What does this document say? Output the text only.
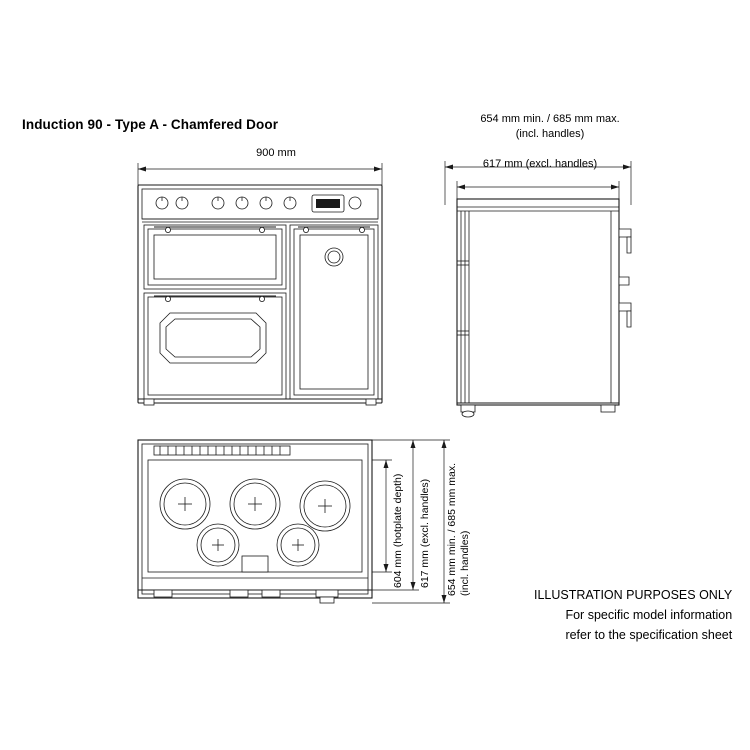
Induction 90 - Type A - Chamfered Door
900 mm
654 mm min. / 685 mm max.
(incl. handles)
617 mm (excl. handles)
604 mm (hotplate depth) 617 mm (excl. handles) 654 mm min. / 685 mm max. (incl. handles)	ILLUSTRATION PURPOSES ONLY
For specific model information
refer to the specification sheet
